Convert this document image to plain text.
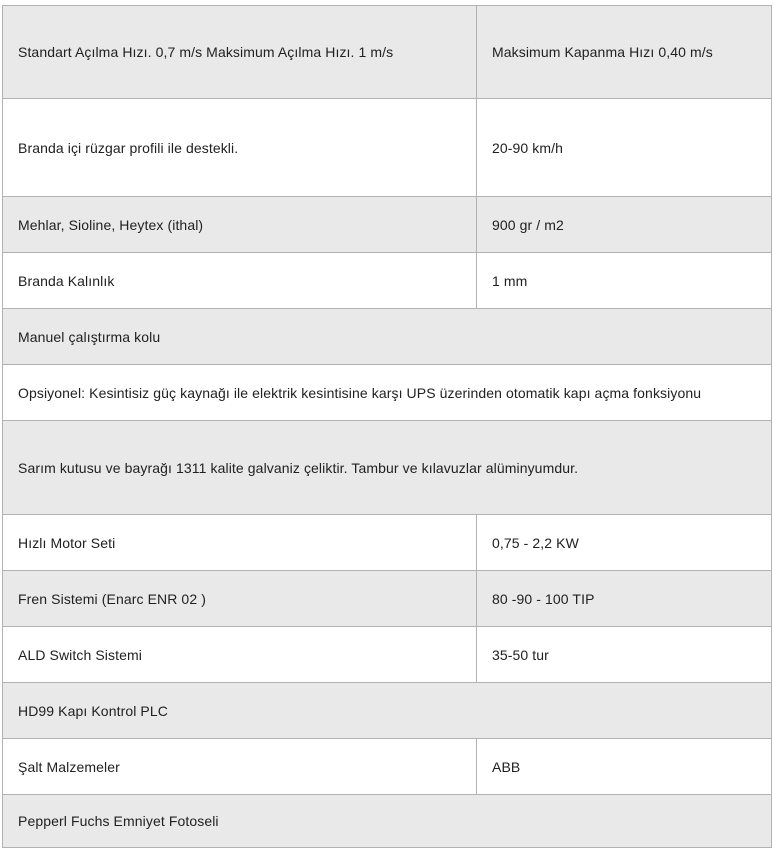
Standart Açılma Hızı. 0,7 m/s Maksimum Açılma Hızı. 1 m/s	Maksimum Kapanma Hızı 0,40 m/s
Branda içi rüzgar profili ile destekli.	20-90 km/h
Mehlar, Sioline, Heytex (ithal)	900 gr / m2
Branda Kalınlık	1 mm
Manuel çalıştırma kolu	
Opsiyonel: Kesintisiz güç kaynağı ile elektrik kesintisine karşı UPS üzerinden otomatik kapı açma fonksiyonu	
Sarım kutusu ve bayrağı 1311 kalite galvaniz çeliktir. Tambur ve kılavuzlar alüminyumdur.	
Hızlı Motor Seti	0,75 - 2,2 KW
Fren Sistemi (Enarc ENR 02 )	80 -90 - 100 TIP
ALD Switch Sistemi	35-50 tur
HD99 Kapı Kontrol PLC	
Şalt Malzemeler	ABB
Pepperl Fuchs Emniyet Fotoseli	
